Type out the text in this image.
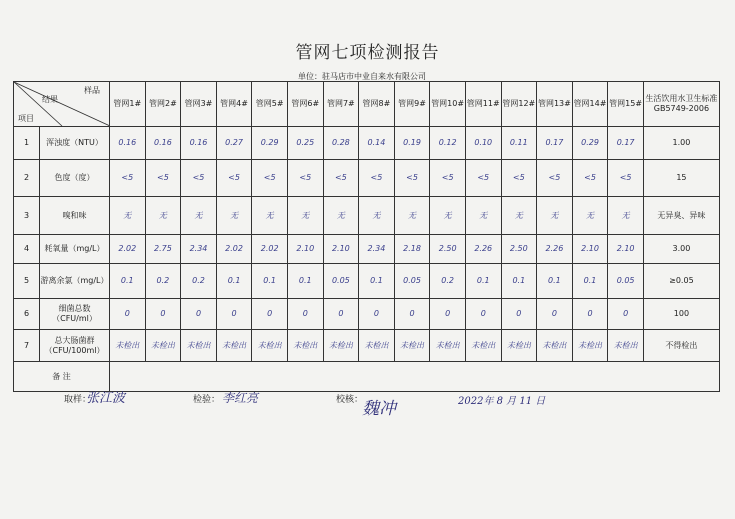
管网七项检测报告
单位：驻马店市中业自来水有限公司
样品
结果
项目		管网1#	管网2#	管网3#	管网4#	管网5#	管网6#	管网7#	管网8#	管网9#	管网10#	管网11#	管网12#	管网13#	管网14#	管网15#	生活饮用水卫生标准GB5749-2006
1	浑浊度（NTU）	0.16	0.16	0.16	0.27	0.29	0.25	0.28	0.14	0.19	0.12	0.10	0.11	0.17	0.29	0.17	1.00
2	色度（度）	<5	<5	<5	<5	<5	<5	<5	<5	<5	<5	<5	<5	<5	<5	<5	15
3	嗅和味	无	无	无	无	无	无	无	无	无	无	无	无	无	无	无	无异臭、异味
4	耗氧量（mg/L）	2.02	2.75	2.34	2.02	2.02	2.10	2.10	2.34	2.18	2.50	2.26	2.50	2.26	2.10	2.10	3.00
5	游离余氯（mg/L）	0.1	0.2	0.2	0.1	0.1	0.1	0.05	0.1	0.05	0.2	0.1	0.1	0.1	0.1	0.05	≥0.05
6	细菌总数（CFU/ml）	0	0	0	0	0	0	0	0	0	0	0	0	0	0	0	100
7	总大肠菌群（CFU/100ml）	未检出	未检出	未检出	未检出	未检出	未检出	未检出	未检出	未检出	未检出	未检出	未检出	未检出	未检出	未检出	不得检出
备 注																	
取样：
张江波	检验： 李红亮	校核：
魏冲	2022年 8 月 11 日
